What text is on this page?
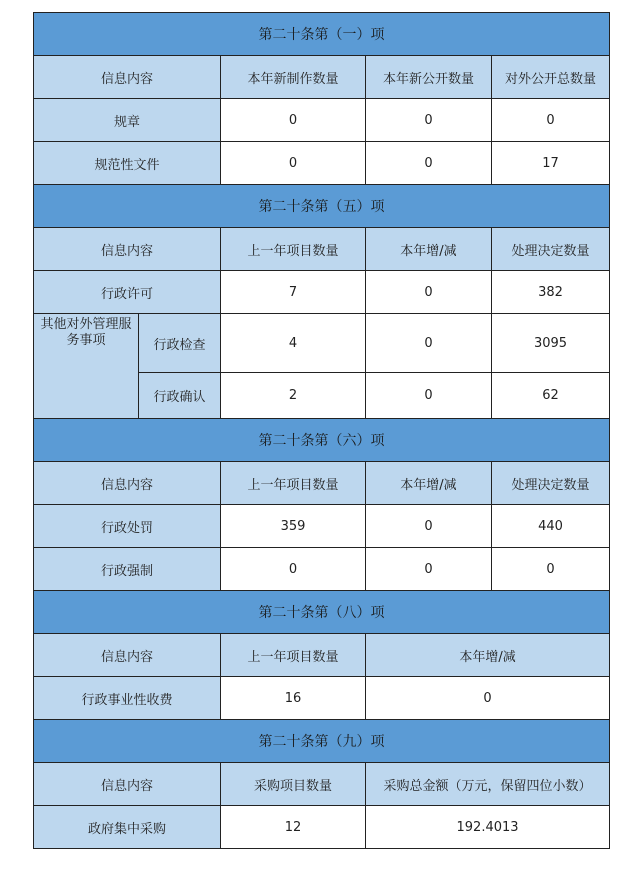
第二十条第（一）项				
信息内容		本年新制作数量	本年新公开数量	对外公开总数量
规章		0	0	0
规范性文件		0	0	17
第二十条第（五）项				
信息内容		上一年项目数量	本年增/减	处理决定数量
行政许可		7	0	382
其他对外管理服务事项	行政检查	4	0	3095
	行政确认	2	0	62
第二十条第（六）项				
信息内容		上一年项目数量	本年增/减	处理决定数量
行政处罚		359	0	440
行政强制		0	0	0
第二十条第（八）项				
信息内容		上一年项目数量	本年增/减	
行政事业性收费		16	0	
第二十条第（九）项				
信息内容		采购项目数量	采购总金额（万元，保留四位小数）	
政府集中采购		12	192.4013	
